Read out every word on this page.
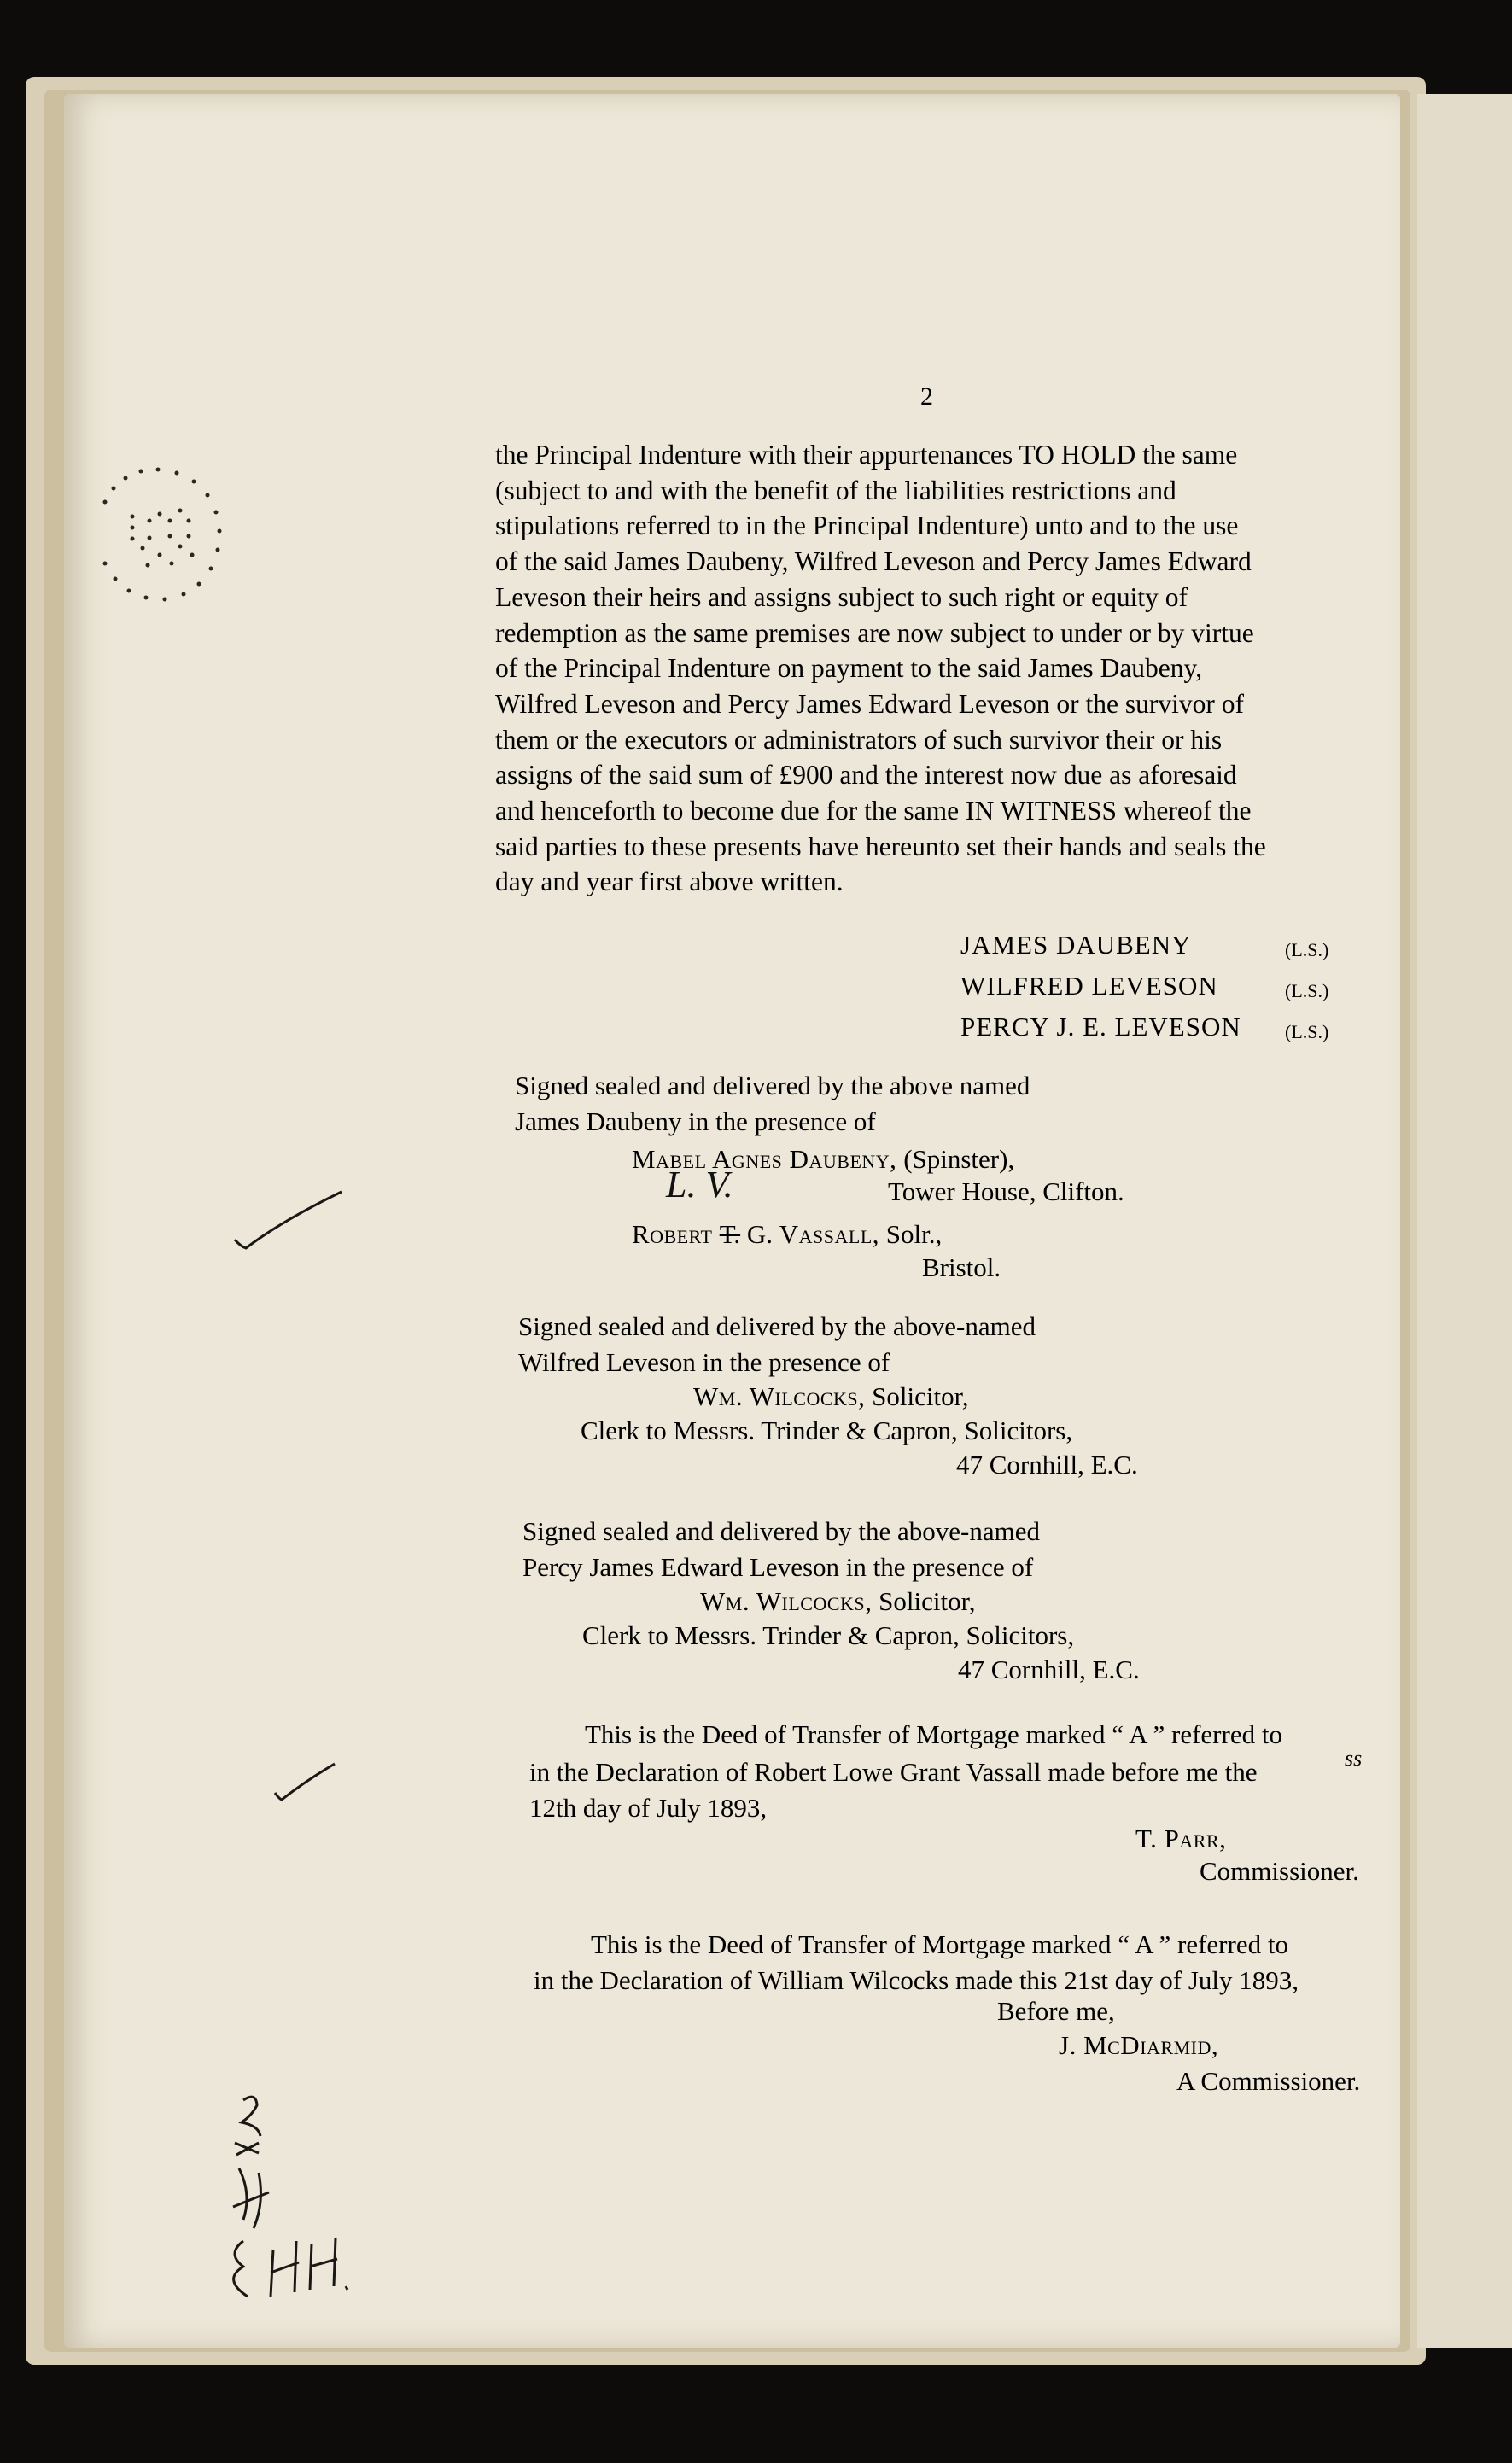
2
the Principal Indenture with their appurtenances TO HOLD the same
(subject to and with the benefit of the liabilities restrictions and
stipulations referred to in the Principal Indenture) unto and to the use
of the said James Daubeny, Wilfred Leveson and Percy James Edward
Leveson their heirs and assigns subject to such right or equity of
redemption as the same premises are now subject to under or by virtue
of the Principal Indenture on payment to the said James Daubeny,
Wilfred Leveson and Percy James Edward Leveson or the survivor of
them or the executors or administrators of such survivor their or his
assigns of the said sum of £900 and the interest now due as aforesaid
and henceforth to become due for the same IN WITNESS whereof the
said parties to these presents have hereunto set their hands and seals the
day and year first above written.
JAMES DAUBENY	(L.S.)
WILFRED LEVESON	(L.S.)
PERCY J. E. LEVESON	(L.S.)
Signed sealed and delivered by the above named
James Daubeny in the presence of
Mabel Agnes Daubeny, (Spinster),
Tower House, Clifton.
L. V.
Robert T. G. Vassall, Solr.,
Bristol.
Signed sealed and delivered by the above-named
Wilfred Leveson in the presence of
Wm. Wilcocks, Solicitor,
Clerk to Messrs. Trinder & Capron, Solicitors,
47 Cornhill, E.C.
Signed sealed and delivered by the above-named
Percy James Edward Leveson in the presence of
Wm. Wilcocks, Solicitor,
Clerk to Messrs. Trinder & Capron, Solicitors,
47 Cornhill, E.C.
This is the Deed of Transfer of Mortgage marked “ A ” referred to
in the Declaration of Robert Lowe Grant Vassall made before me the	ss
12th day of July 1893,
T. Parr,
Commissioner.
This is the Deed of Transfer of Mortgage marked “ A ” referred to
in the Declaration of William Wilcocks made this 21st day of July 1893,
Before me,
J. McDiarmid,
A Commissioner.
